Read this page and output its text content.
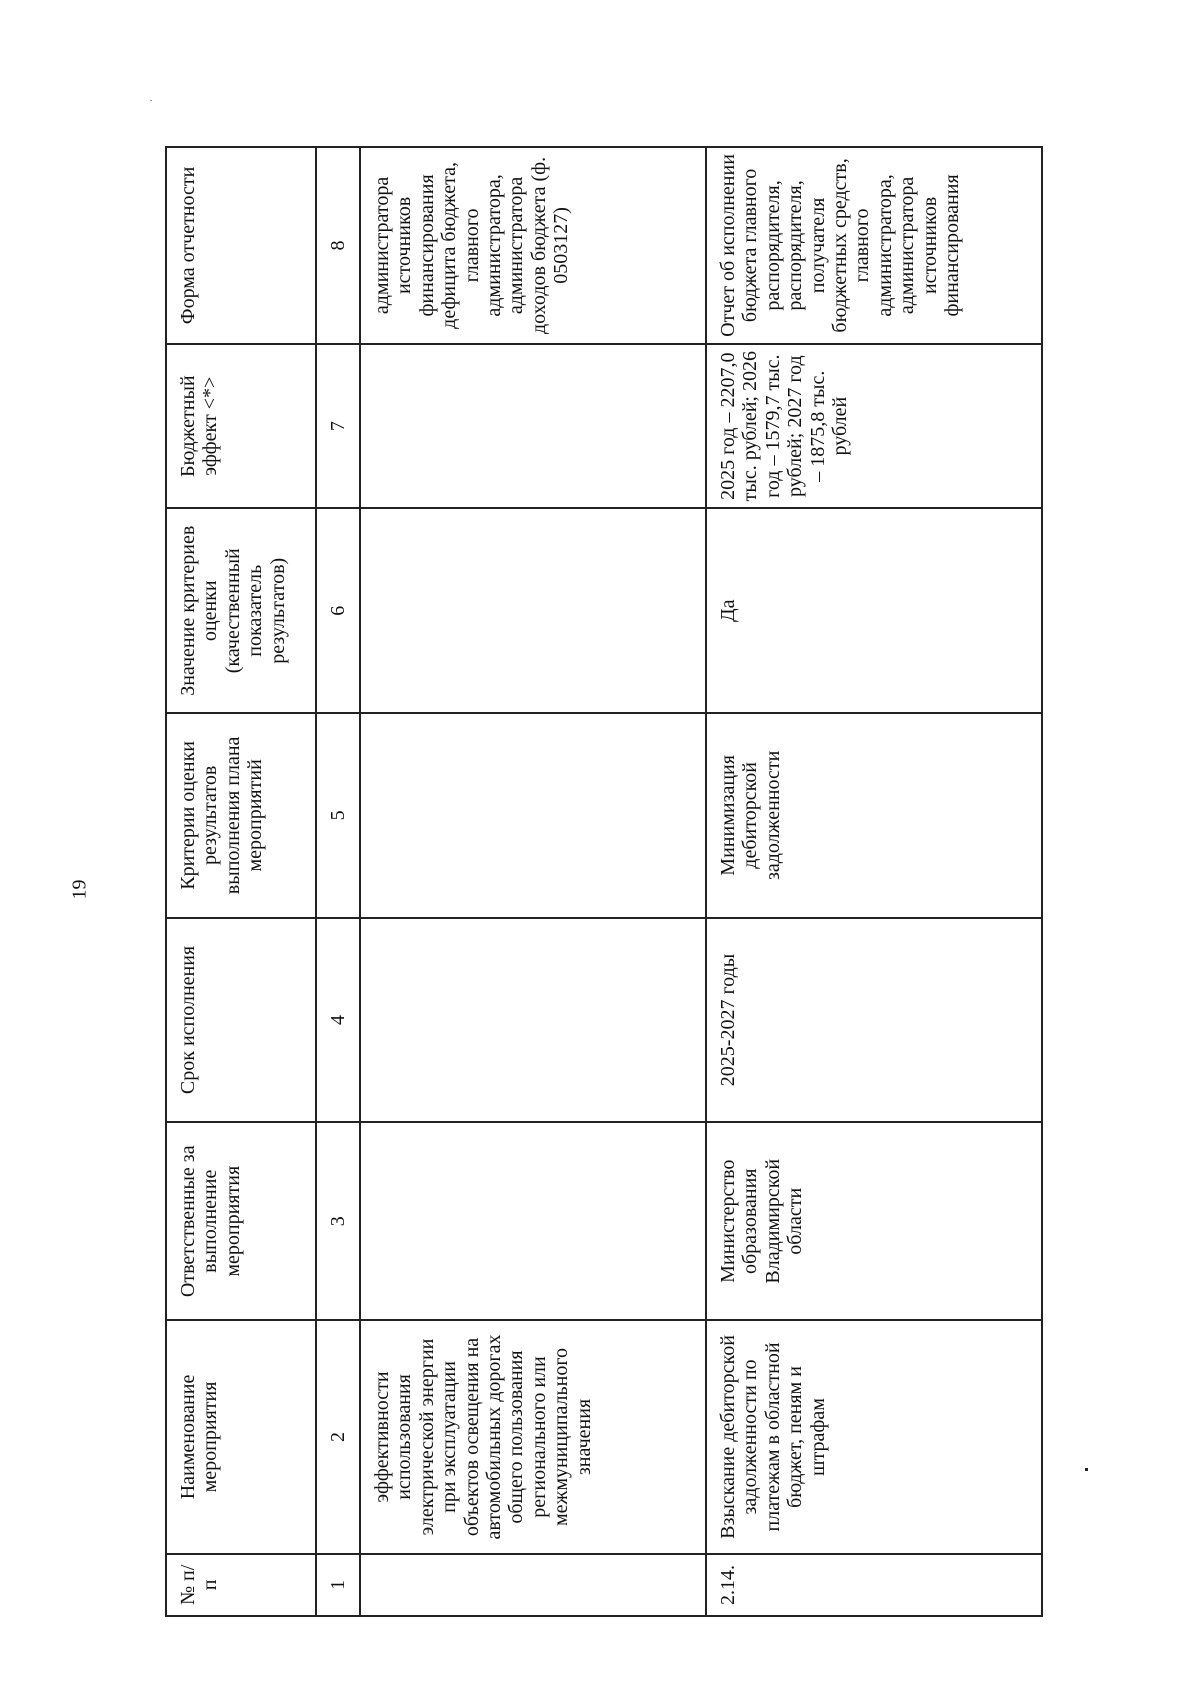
19
№ п/п	Наименование мероприятия	Ответственные за выполнение мероприятия	Срок исполнения	Критерии оценки результатов выполнения плана мероприятий	Значение критериев оценки (качественный показатель результатов)	Бюджетный эффект <*>	Форма отчетности
1	2	3	4	5	6	7	8
	эффективности использования электрической энергии при эксплуатации объектов освещения на автомобильных дорогах общего пользования регионального или межмуниципального значения						администратора источников финансирования дефицита бюджета, главного администратора, администратора доходов бюджета (ф. 0503127)
2.14.	Взыскание дебиторской задолженности по платежам в областной бюджет, пеням и штрафам	Министерство образования Владимирской области	2025-2027 годы	Минимизация дебиторской задолженности	Да	2025 год – 2207,0 тыс. рублей; 2026 год – 1579,7 тыс. рублей; 2027 год – 1875,8 тыс. рублей	Отчет об исполнении бюджета главного распорядителя, распорядителя, получателя бюджетных средств, главного администратора, администратора источников финансирования
